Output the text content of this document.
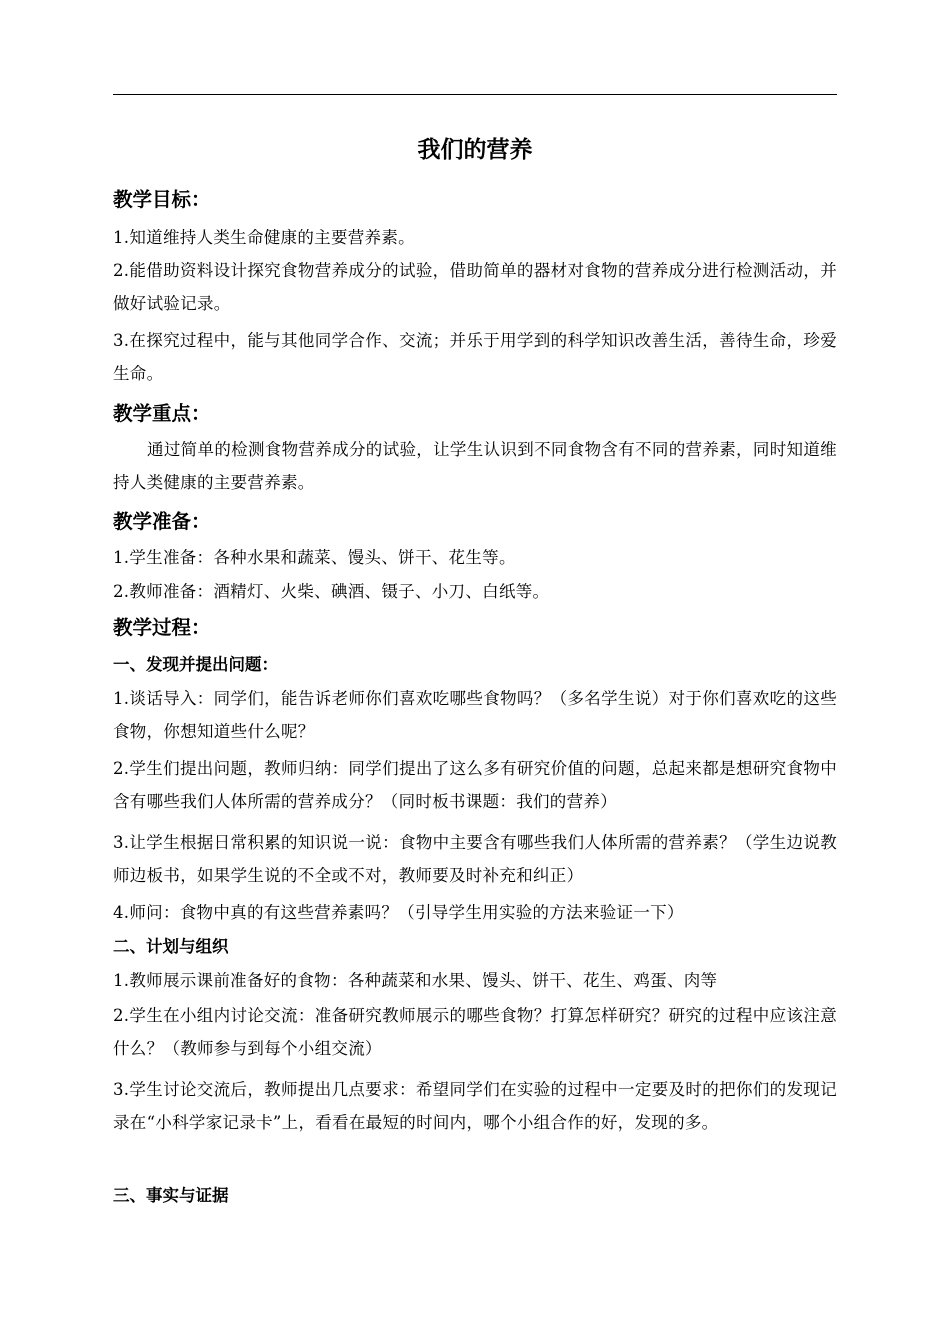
我们的营养
教学目标：
1.知道维持人类生命健康的主要营养素。
2.能借助资料设计探究食物营养成分的试验，借助简单的器材对食物的营养成分进行检测活动，并做好试验记录。
3.在探究过程中，能与其他同学合作、交流；并乐于用学到的科学知识改善生活，善待生命，珍爱生命。
教学重点：
通过简单的检测食物营养成分的试验，让学生认识到不同食物含有不同的营养素，同时知道维持人类健康的主要营养素。
教学准备：
1.学生准备：各种水果和蔬菜、馒头、饼干、花生等。
2.教师准备：酒精灯、火柴、碘酒、镊子、小刀、白纸等。
教学过程：
一、发现并提出问题：
1.谈话导入：同学们，能告诉老师你们喜欢吃哪些食物吗？（多名学生说）对于你们喜欢吃的这些食物，你想知道些什么呢？
2.学生们提出问题，教师归纳：同学们提出了这么多有研究价值的问题，总起来都是想研究食物中含有哪些我们人体所需的营养成分？（同时板书课题：我们的营养）
3.让学生根据日常积累的知识说一说：食物中主要含有哪些我们人体所需的营养素？（学生边说教师边板书，如果学生说的不全或不对，教师要及时补充和纠正）
4.师问：食物中真的有这些营养素吗？（引导学生用实验的方法来验证一下）
二、计划与组织
1.教师展示课前准备好的食物：各种蔬菜和水果、馒头、饼干、花生、鸡蛋、肉等
2.学生在小组内讨论交流：准备研究教师展示的哪些食物？打算怎样研究？研究的过程中应该注意什么？（教师参与到每个小组交流）
3.学生讨论交流后，教师提出几点要求：希望同学们在实验的过程中一定要及时的把你们的发现记录在“小科学家记录卡”上，看看在最短的时间内，哪个小组合作的好，发现的多。
三、事实与证据
